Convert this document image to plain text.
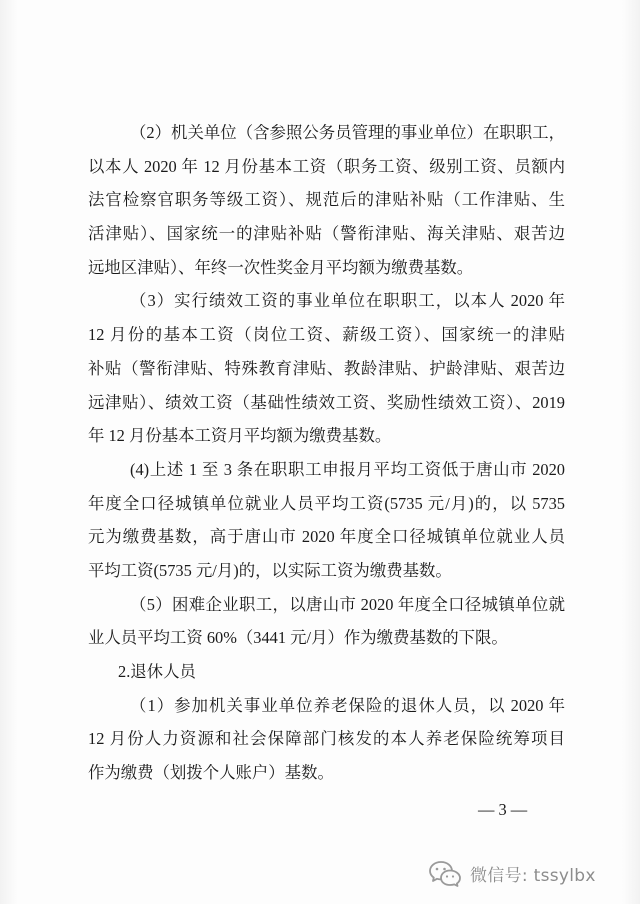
（2）机关单位（含参照公务员管理的事业单位）在职职工，
以本人 2020 年 12 月份基本工资（职务工资、级别工资、员额内
法官检察官职务等级工资）、规范后的津贴补贴（工作津贴、生
活津贴）、国家统一的津贴补贴（警衔津贴、海关津贴、艰苦边
远地区津贴）、年终一次性奖金月平均额为缴费基数。
（3）实行绩效工资的事业单位在职职工，以本人 2020 年
12 月份的基本工资（岗位工资、薪级工资）、国家统一的津贴
补贴（警衔津贴、特殊教育津贴、教龄津贴、护龄津贴、艰苦边
远津贴）、绩效工资（基础性绩效工资、奖励性绩效工资）、2019
年 12 月份基本工资月平均额为缴费基数。
(4)上述 1 至 3 条在职职工申报月平均工资低于唐山市 2020
年度全口径城镇单位就业人员平均工资(5735 元/月)的，以 5735
元为缴费基数，高于唐山市 2020 年度全口径城镇单位就业人员
平均工资(5735 元/月)的，以实际工资为缴费基数。
（5）困难企业职工，以唐山市 2020 年度全口径城镇单位就
业人员平均工资 60%（3441 元/月）作为缴费基数的下限。
2.退休人员
（1）参加机关事业单位养老保险的退休人员，以 2020 年
12 月份人力资源和社会保障部门核发的本人养老保险统筹项目
作为缴费（划拨个人账户）基数。
— 3 —
微信号: tssylbx
